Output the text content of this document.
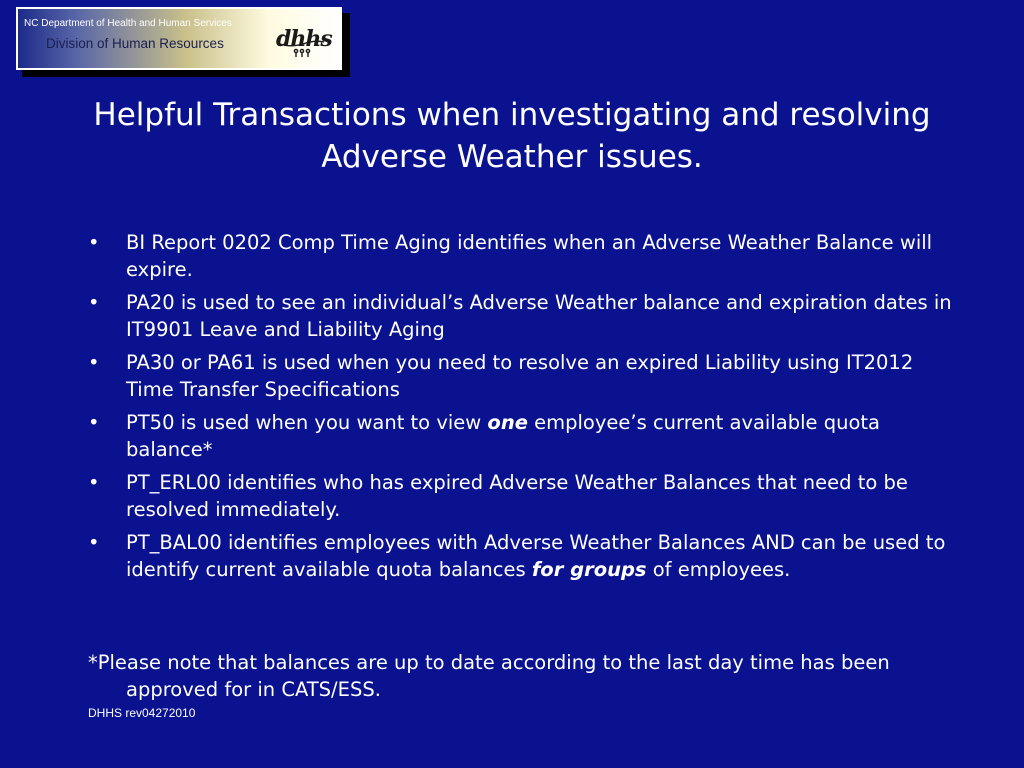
NC Department of Health and Human Services
Division of Human Resources dhhs
Helpful Transactions when investigating and resolving Adverse Weather issues.
• BI Report 0202 Comp Time Aging identifies when an Adverse Weather Balance will expire.
• PA20 is used to see an individual’s Adverse Weather balance and expiration dates in IT9901 Leave and Liability Aging
• PA30 or PA61 is used when you need to resolve an expired Liability using IT2012 Time Transfer Specifications
• PT50 is used when you want to view one employee’s current available quota balance*
• PT_ERL00 identifies who has expired Adverse Weather Balances that need to be resolved immediately.
• PT_BAL00 identifies employees with Adverse Weather Balances AND can be used to identify current available quota balances for groups of employees.
*Please note that balances are up to date according to the last day time has been approved for in CATS/ESS.
DHHS rev04272010
